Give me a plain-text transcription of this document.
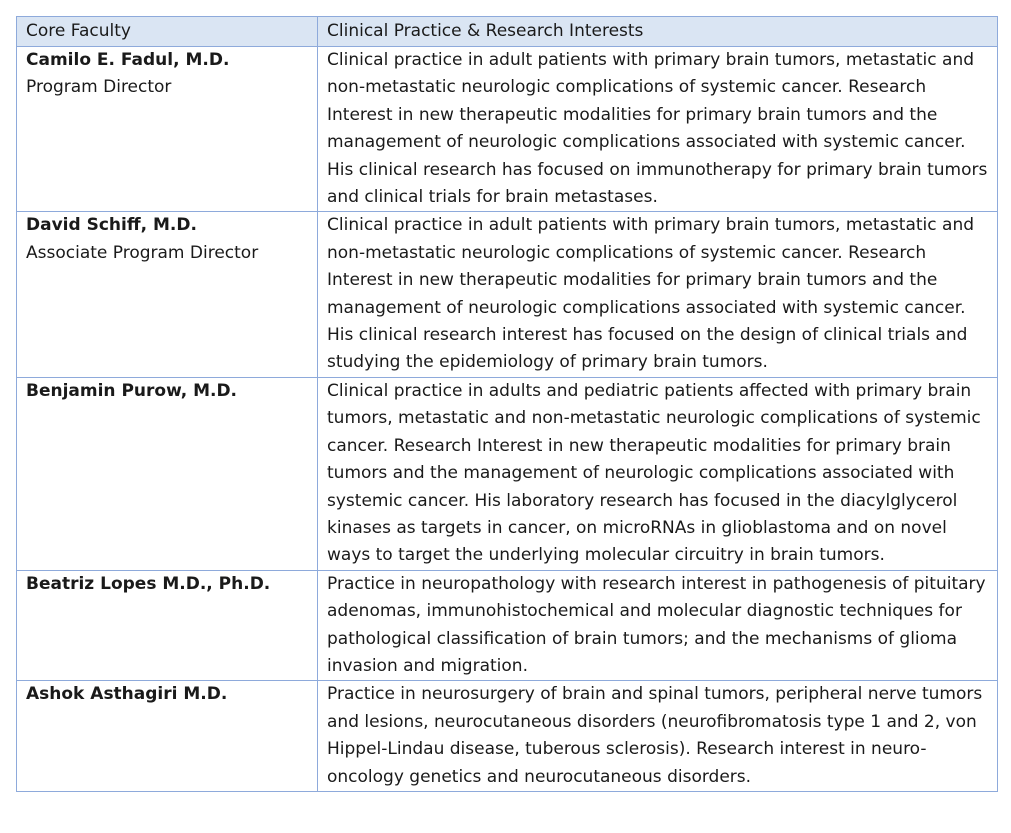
Core Faculty	Clinical Practice & Research Interests

Camilo E. Fadul, M.D.
Program Director	Clinical practice in adult patients with primary brain tumors, metastatic and non-metastatic neurologic complications of systemic cancer. Research Interest in new therapeutic modalities for primary brain tumors and the management of neurologic complications associated with systemic cancer. His clinical research has focused on immunotherapy for primary brain tumors and clinical trials for brain metastases.

David Schiff, M.D.
Associate Program Director	Clinical practice in adult patients with primary brain tumors, metastatic and non-metastatic neurologic complications of systemic cancer. Research Interest in new therapeutic modalities for primary brain tumors and the management of neurologic complications associated with systemic cancer. His clinical research interest has focused on the design of clinical trials and studying the epidemiology of primary brain tumors.

Benjamin Purow, M.D.	Clinical practice in adults and pediatric patients affected with primary brain tumors, metastatic and non-metastatic neurologic complications of systemic cancer. Research Interest in new therapeutic modalities for primary brain tumors and the management of neurologic complications associated with systemic cancer. His laboratory research has focused in the diacylglycerol kinases as targets in cancer, on microRNAs in glioblastoma and on novel ways to target the underlying molecular circuitry in brain tumors.

Beatriz Lopes M.D., Ph.D.	Practice in neuropathology with research interest in pathogenesis of pituitary adenomas, immunohistochemical and molecular diagnostic techniques for pathological classification of brain tumors; and the mechanisms of glioma invasion and migration.

Ashok Asthagiri M.D.	Practice in neurosurgery of brain and spinal tumors, peripheral nerve tumors and lesions, neurocutaneous disorders (neurofibromatosis type 1 and 2, von Hippel-Lindau disease, tuberous sclerosis). Research interest in neuro-oncology genetics and neurocutaneous disorders.
